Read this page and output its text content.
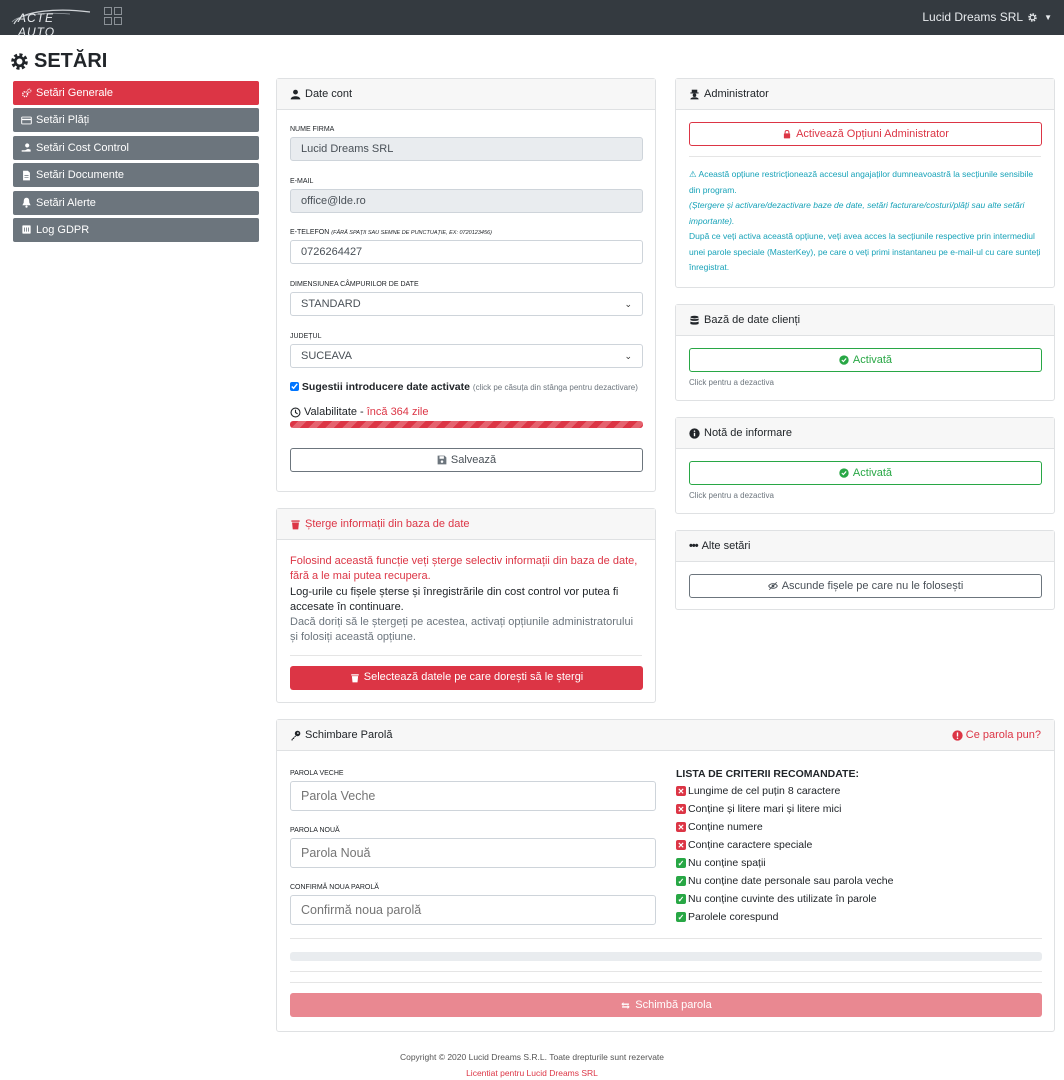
ACTE AUTO
Lucid Dreams SRL	▼
SETĂRI
Setări Generale
Setări Plăți
Setări Cost Control
Setări Documente
Setări Alerte
Log GDPR
Date cont
NUME FIRMA
Lucid Dreams SRL
E-MAIL
office@lde.ro
E-TELEFON (FĂRĂ SPAȚII SAU SEMNE DE PUNCTUAȚIE, EX: 0720123456)
0726264427
DIMENSIUNEA CÂMPURILOR DE DATE
STANDARD	⌄
JUDEȚUL
SUCEAVA	⌄
Sugestii introducere date activate (click pe căsuța din stânga pentru dezactivare)
Valabilitate - încă 364 zile
Salvează
Șterge informații din baza de date
Folosind această funcție veți șterge selectiv informații din baza de date, fără a le mai putea recupera.
Log-urile cu fișele șterse și înregistrările din cost control vor putea fi accesate în continuare.
Dacă doriți să le ștergeți pe acestea, activați opțiunile administratorului și folosiți această opțiune.
Selectează datele pe care dorești să le ștergi
Administrator
Activează Opțiuni Administrator
⚠ Această opțiune restricționează accesul angajaților dumneavoastră la secțiunile sensibile din program.
(Ștergere și activare/dezactivare baze de date, setări facturare/costuri/plăți sau alte setări importante).
După ce veți activa această opțiune, veți avea acces la secțiunile respective prin intermediul unei parole speciale (MasterKey), pe care o veți primi instantaneu pe e-mail-ul cu care sunteți înregistrat.
Bază de date clienți
Activată
Click pentru a dezactiva
Notă de informare
Activată
Click pentru a dezactiva
••• Alte setări
Ascunde fișele pe care nu le folosești
Schimbare Parolă	Ce parola pun?
PAROLA VECHE
Parola Veche
PAROLA NOUĂ
Parola Nouă
CONFIRMĂ NOUA PAROLĂ
Confirmă noua parolă
LISTA DE CRITERII RECOMANDATE:
✕ Lungime de cel puțin 8 caractere
✕ Conține și litere mari și litere mici
✕ Conține numere
✕ Conține caractere speciale
✓ Nu conține spații
✓ Nu conține date personale sau parola veche
✓ Nu conține cuvinte des utilizate în parole
✓ Parolele corespund
Schimbă parola
Copyright © 2020 Lucid Dreams S.R.L. Toate drepturile sunt rezervate
Licentiat pentru Lucid Dreams SRL
